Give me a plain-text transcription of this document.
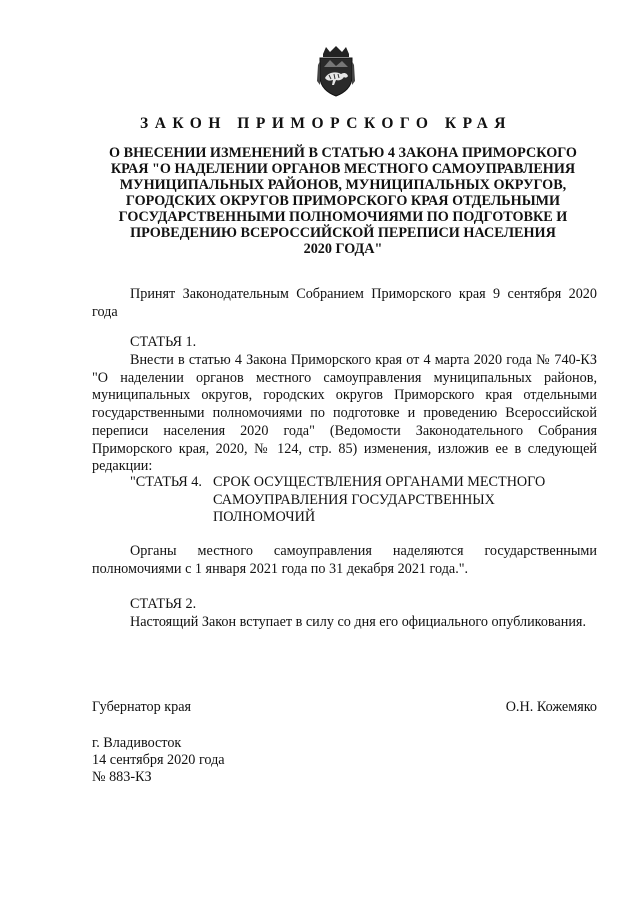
ЗАКОН ПРИМОРСКОГО КРАЯ
О ВНЕСЕНИИ ИЗМЕНЕНИЙ В СТАТЬЮ 4 ЗАКОНА ПРИМОРСКОГО
КРАЯ "О НАДЕЛЕНИИ ОРГАНОВ МЕСТНОГО САМОУПРАВЛЕНИЯ
МУНИЦИПАЛЬНЫХ РАЙОНОВ, МУНИЦИПАЛЬНЫХ ОКРУГОВ,
ГОРОДСКИХ ОКРУГОВ ПРИМОРСКОГО КРАЯ ОТДЕЛЬНЫМИ
ГОСУДАРСТВЕННЫМИ ПОЛНОМОЧИЯМИ ПО ПОДГОТОВКЕ И
ПРОВЕДЕНИЮ ВСЕРОССИЙСКОЙ ПЕРЕПИСИ НАСЕЛЕНИЯ
2020 ГОДА"

Принят Законодательным Собранием Приморского края 9 сентября 2020 года

СТАТЬЯ 1.

Внести в статью 4 Закона Приморского края от 4 марта 2020 года № 740-КЗ "О наделении органов местного самоуправления муниципальных районов, муниципальных округов, городских округов Приморского края отдельными государственными полномочиями по подготовке и проведению Всероссийской переписи населения 2020 года" (Ведомости Законодательного Собрания Приморского края, 2020, № 124, стр. 85) изменения, изложив ее в следующей редакции:

"СТАТЬЯ 4. СРОК ОСУЩЕСТВЛЕНИЯ ОРГАНАМИ МЕСТНОГО
САМОУПРАВЛЕНИЯ ГОСУДАРСТВЕННЫХ
ПОЛНОМОЧИЙ

Органы местного самоуправления наделяются государственными полномочиями с 1 января 2021 года по 31 декабря 2021 года.".

СТАТЬЯ 2.

Настоящий Закон вступает в силу со дня его официального опубликования.

Губернатор края	О.Н. Кожемяко

г. Владивосток

14 сентября 2020 года

№ 883-КЗ
